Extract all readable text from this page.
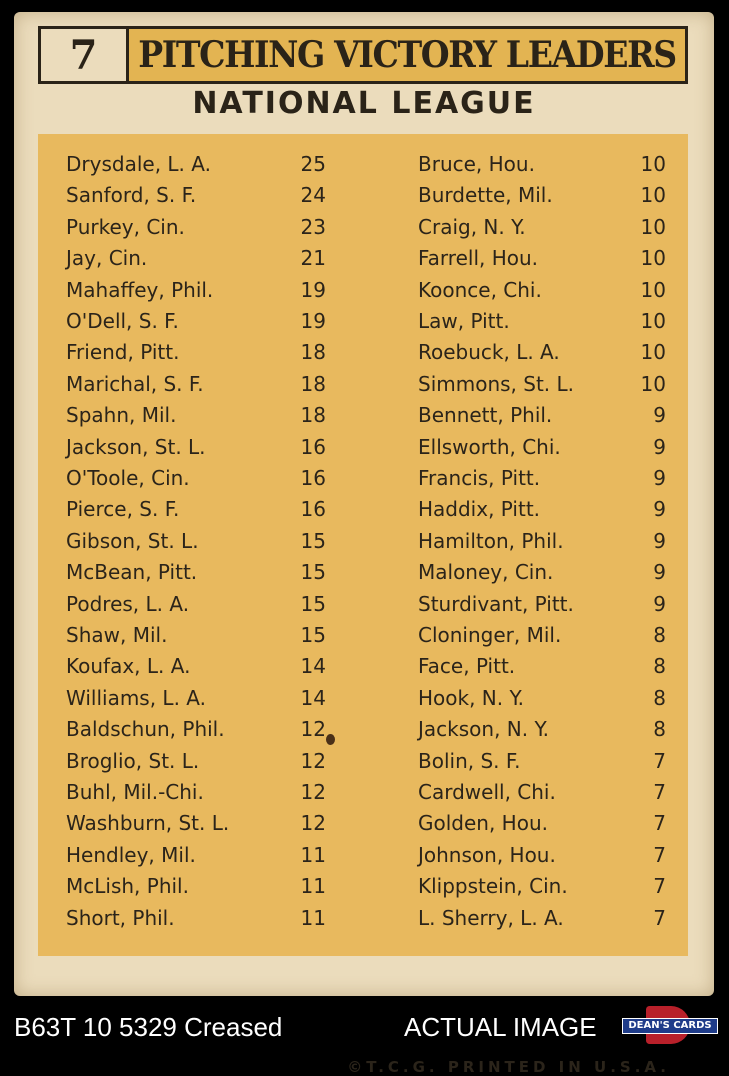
7	PITCHING VICTORY LEADERS
NATIONAL LEAGUE
Drysdale, L. A.	25
Sanford, S. F.	24
Purkey, Cin.	23
Jay, Cin.	21
Mahaffey, Phil.	19
O'Dell, S. F.	19
Friend, Pitt.	18
Marichal, S. F.	18
Spahn, Mil.	18
Jackson, St. L.	16
O'Toole, Cin.	16
Pierce, S. F.	16
Gibson, St. L.	15
McBean, Pitt.	15
Podres, L. A.	15
Shaw, Mil.	15
Koufax, L. A.	14
Williams, L. A.	14
Baldschun, Phil.	12
Broglio, St. L.	12
Buhl, Mil.-Chi.	12
Washburn, St. L.	12
Hendley, Mil.	11
McLish, Phil.	11
Short, Phil.	11
Bruce, Hou.	10
Burdette, Mil.	10
Craig, N. Y.	10
Farrell, Hou.	10
Koonce, Chi.	10
Law, Pitt.	10
Roebuck, L. A.	10
Simmons, St. L.	10
Bennett, Phil.	9
Ellsworth, Chi.	9
Francis, Pitt.	9
Haddix, Pitt.	9
Hamilton, Phil.	9
Maloney, Cin.	9
Sturdivant, Pitt.	9
Cloninger, Mil.	8
Face, Pitt.	8
Hook, N. Y.	8
Jackson, N. Y.	8
Bolin, S. F.	7
Cardwell, Chi.	7
Golden, Hou.	7
Johnson, Hou.	7
Klippstein, Cin.	7
L. Sherry, L. A.	7
©T.C.G. PRINTED IN U.S.A.
B63T 10 5329 Creased	ACTUAL IMAGE	DEAN'S CARDS
